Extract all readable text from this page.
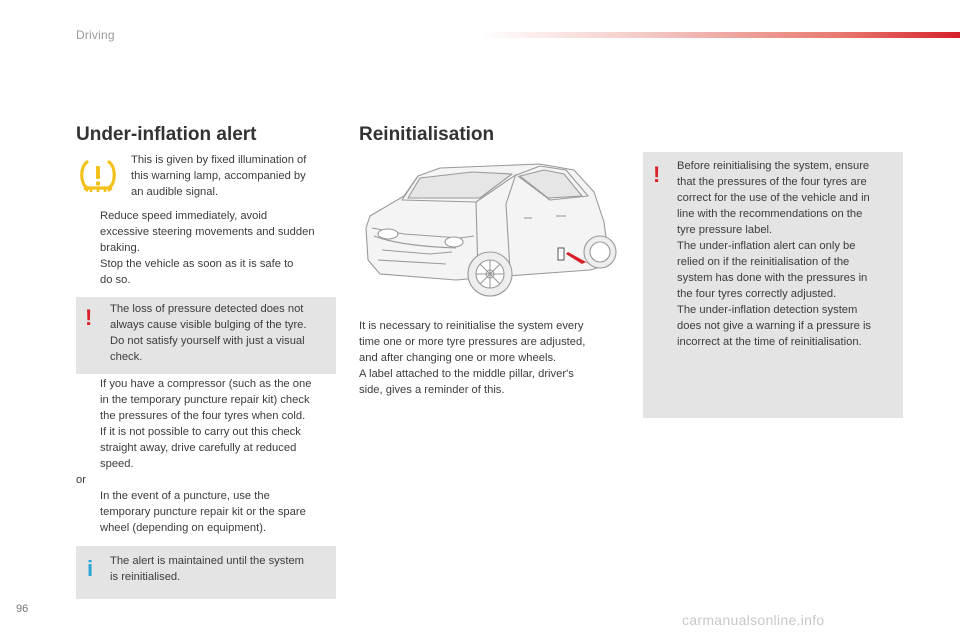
Driving
Under-inflation alert
This is given by fixed illumination of
this warning lamp, accompanied by
an audible signal.
Reduce speed immediately, avoid
excessive steering movements and sudden
braking.
Stop the vehicle as soon as it is safe to
do so.
! The loss of pressure detected does not
always cause visible bulging of the tyre.
Do not satisfy yourself with just a visual
check.
If you have a compressor (such as the one
in the temporary puncture repair kit) check
the pressures of the four tyres when cold.
If it is not possible to carry out this check
straight away, drive carefully at reduced
speed.
or
In the event of a puncture, use the
temporary puncture repair kit or the spare
wheel (depending on equipment).
i The alert is maintained until the system
is reinitialised.
Reinitialisation
It is necessary to reinitialise the system every
time one or more tyre pressures are adjusted,
and after changing one or more wheels.
A label attached to the middle pillar, driver's
side, gives a reminder of this.
! Before reinitialising the system, ensure
that the pressures of the four tyres are
correct for the use of the vehicle and in
line with the recommendations on the
tyre pressure label.
The under-inflation alert can only be
relied on if the reinitialisation of the
system has done with the pressures in
the four tyres correctly adjusted.
The under-inflation detection system
does not give a warning if a pressure is
incorrect at the time of reinitialisation.
96
carmanualsonline.info
